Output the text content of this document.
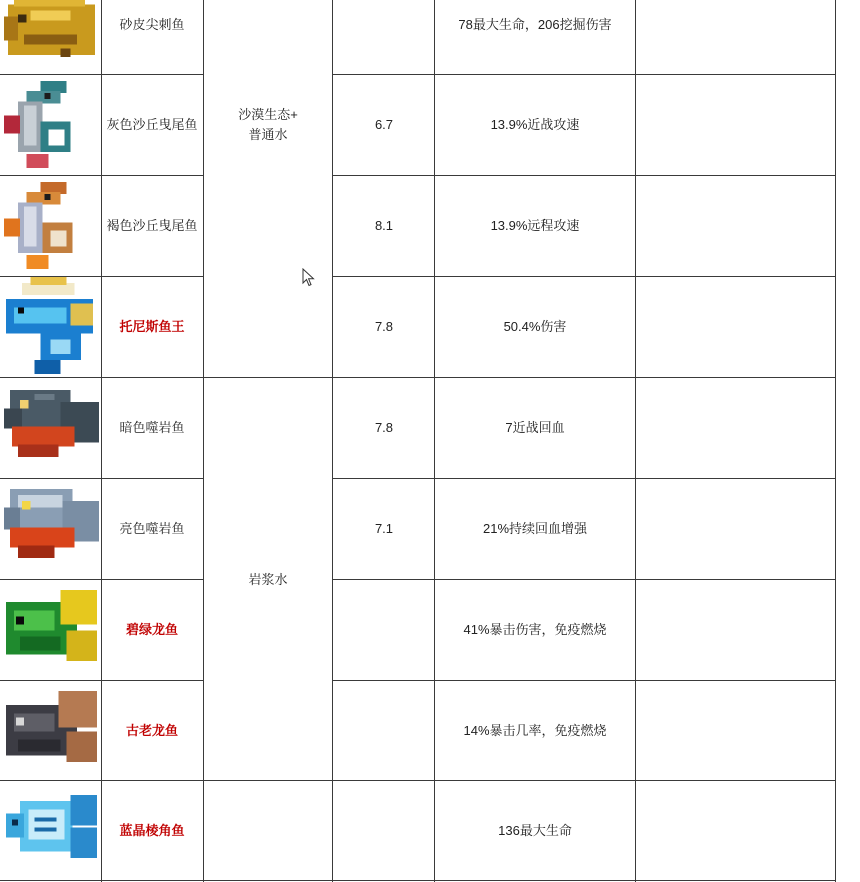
砂皮尖刺鱼
灰色沙丘曳尾鱼
褐色沙丘曳尾鱼
托尼斯鱼王
暗色噬岩鱼
亮色噬岩鱼
碧绿龙鱼
古老龙鱼
蓝晶棱角鱼
沙漠生态+
普通水
岩浆水
6.7
8.1
7.8
7.8
7.1
78最大生命，206挖掘伤害
13.9%近战攻速
13.9%远程攻速
50.4%伤害
7近战回血
21%持续回血增强
41%暴击伤害，免疫燃烧
14%暴击几率，免疫燃烧
136最大生命
